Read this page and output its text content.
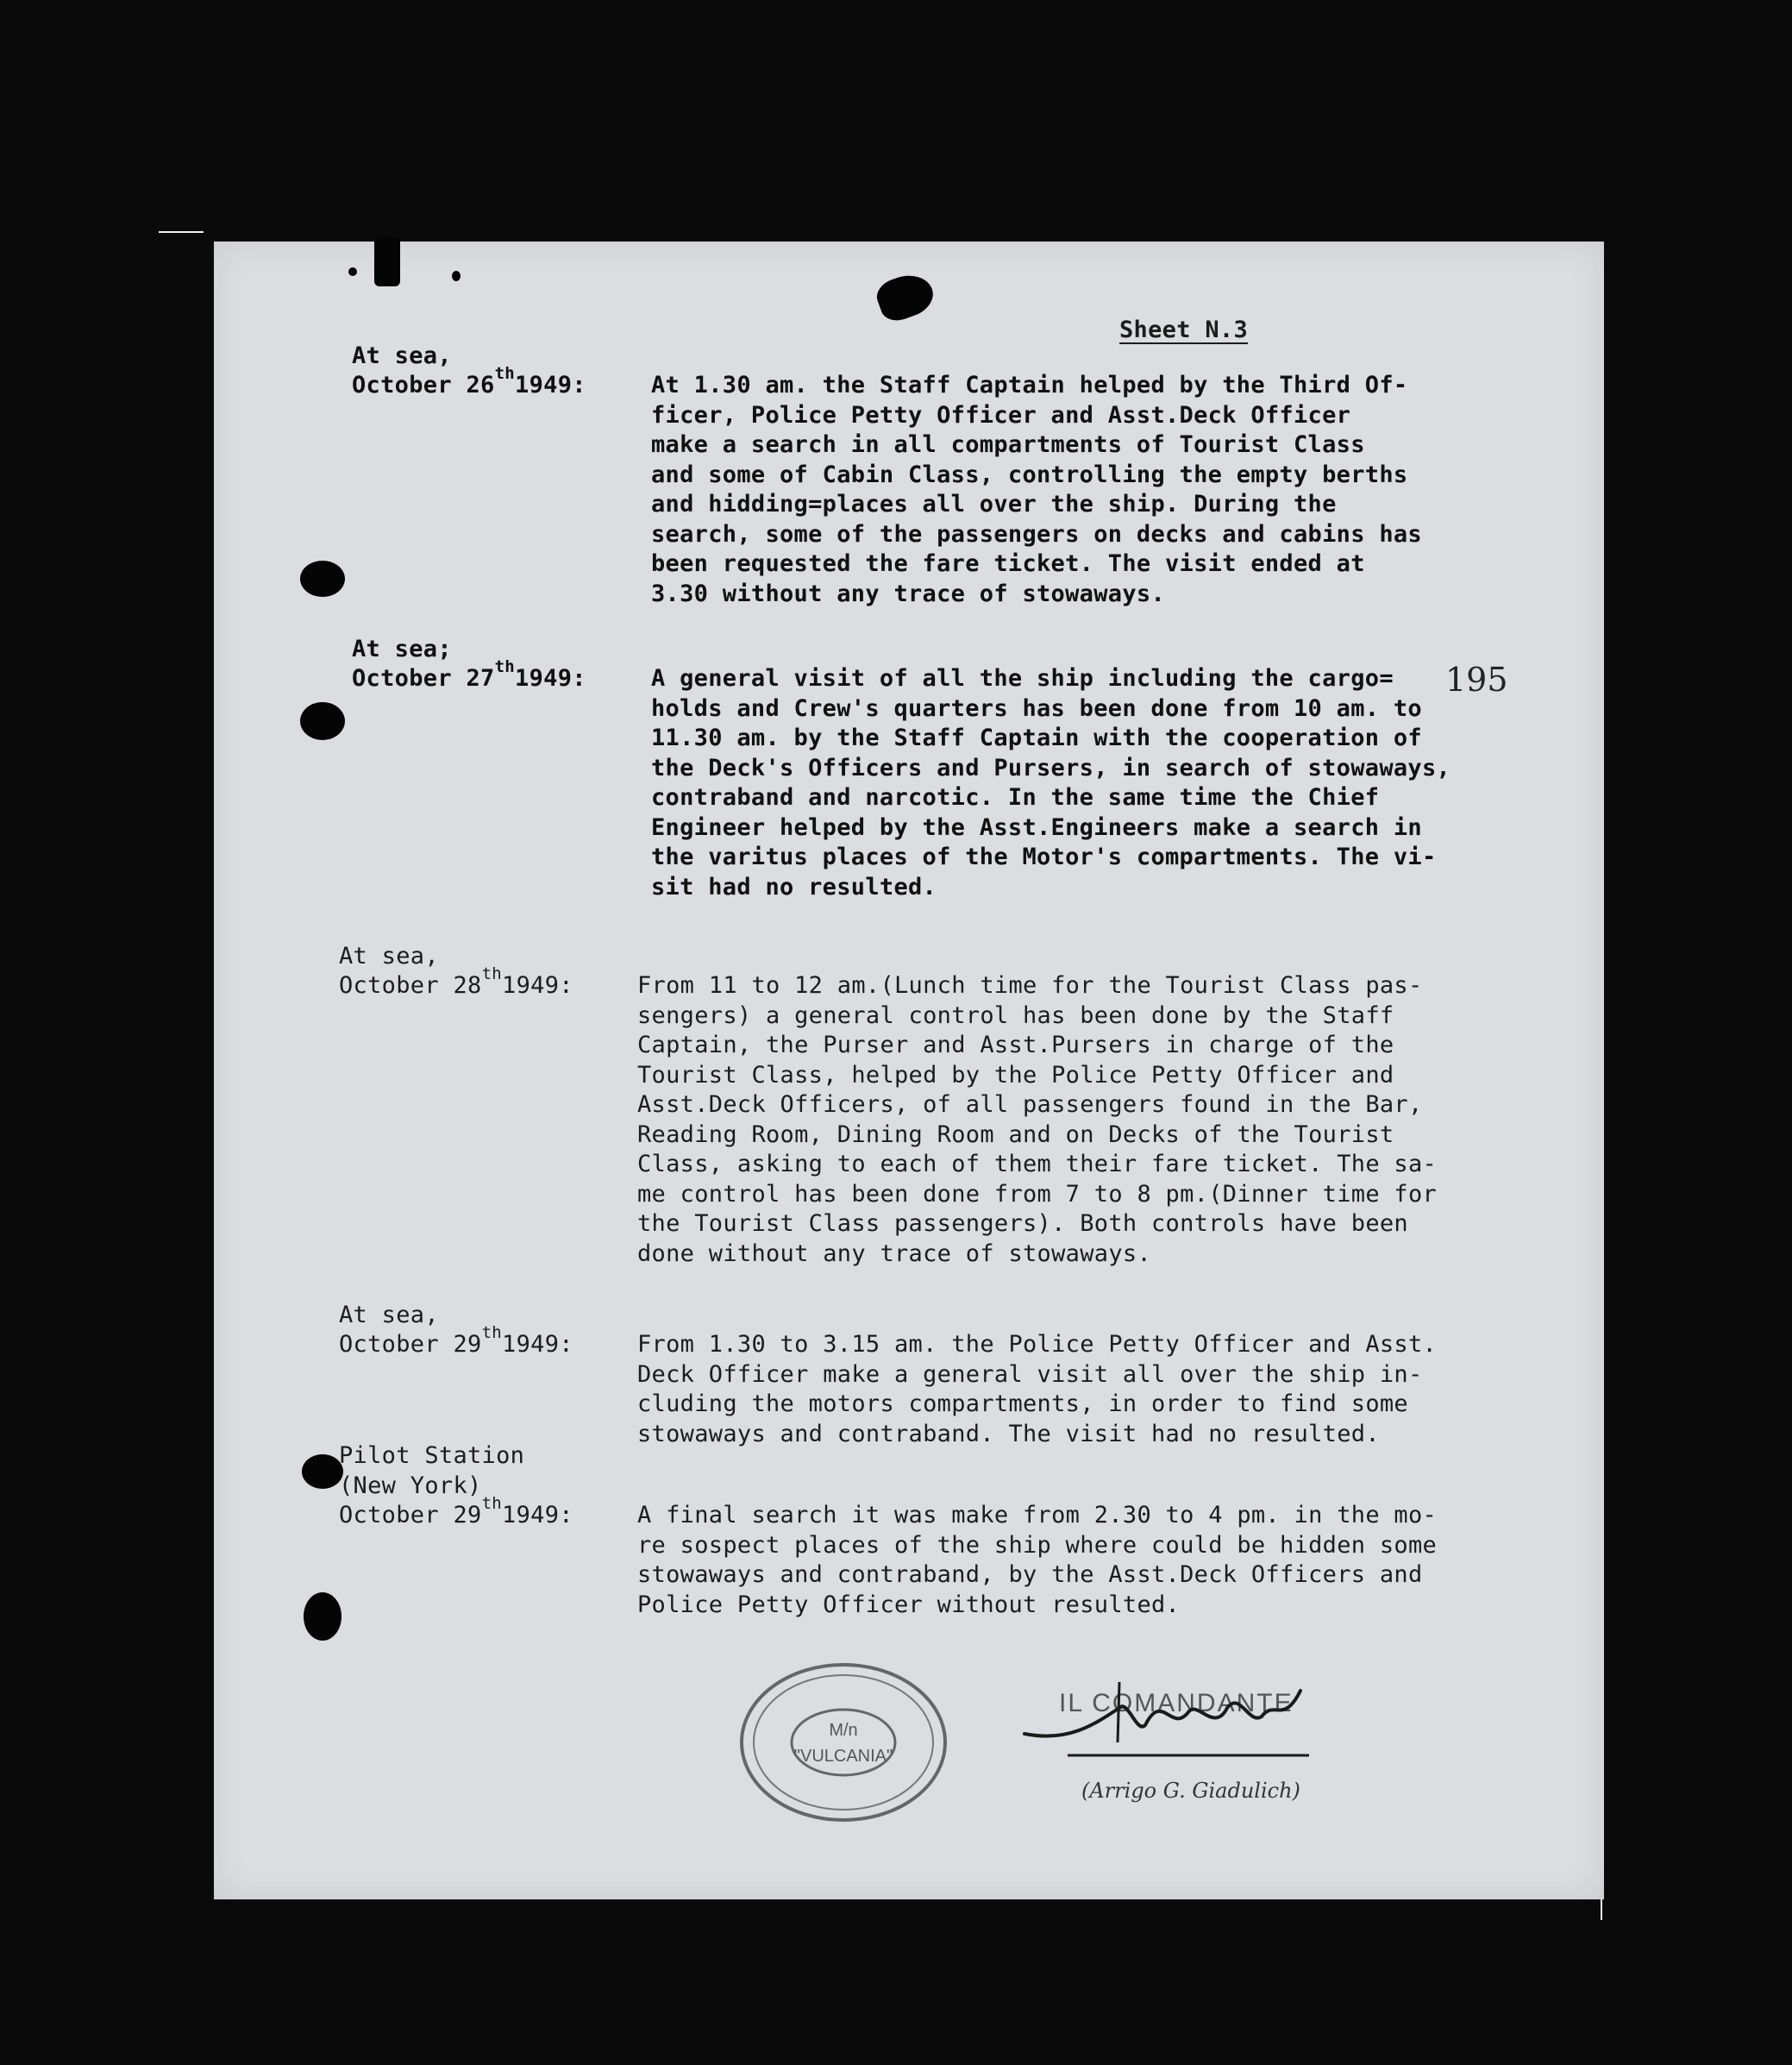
Sheet N.3
195
At sea,
October 26th1949:	At 1.30 am. the Staff Captain helped by the Third Of-
ficer, Police Petty Officer and Asst.Deck Officer
make a search in all compartments of Tourist Class
and some of Cabin Class, controlling the empty berths
and hidding=places all over the ship. During the
search, some of the passengers on decks and cabins has
been requested the fare ticket. The visit ended at
3.30 without any trace of stowaways.
At sea;
October 27th1949:	A general visit of all the ship including the cargo=
holds and Crew's quarters has been done from 10 am. to
11.30 am. by the Staff Captain with the cooperation of
the Deck's Officers and Pursers, in search of stowaways,
contraband and narcotic. In the same time the Chief
Engineer helped by the Asst.Engineers make a search in
the varitus places of the Motor's compartments. The vi-
sit had no resulted.
At sea,
October 28th1949:	From 11 to 12 am.(Lunch time for the Tourist Class pas-
sengers) a general control has been done by the Staff
Captain, the Purser and Asst.Pursers in charge of the
Tourist Class, helped by the Police Petty Officer and
Asst.Deck Officers, of all passengers found in the Bar,
Reading Room, Dining Room and on Decks of the Tourist
Class, asking to each of them their fare ticket. The sa-
me control has been done from 7 to 8 pm.(Dinner time for
the Tourist Class passengers). Both controls have been
done without any trace of stowaways.
At sea,
October 29th1949:	From 1.30 to 3.15 am. the Police Petty Officer and Asst.
Deck Officer make a general visit all over the ship in-
cluding the motors compartments, in order to find some
stowaways and contraband. The visit had no resulted.
Pilot Station
(New York)
October 29th1949:	A final search it was make from 2.30 to 4 pm. in the mo-
re sospect places of the ship where could be hidden some
stowaways and contraband, by the Asst.Deck Officers and
Police Petty Officer without resulted.
M/n
"VULCANIA"
IL COMANDANTE
(Arrigo G. Giadulich)
